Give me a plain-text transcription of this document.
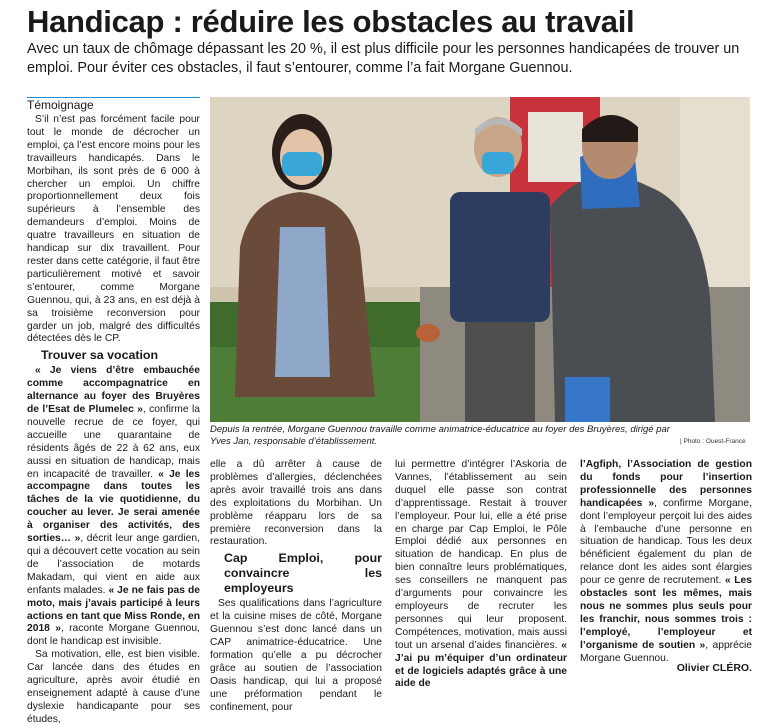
Handicap : réduire les obstacles au travail
Avec un taux de chômage dépassant les 20 %, il est plus difficile pour les personnes handicapées de trouver un emploi. Pour éviter ces obstacles, il faut s’entourer, comme l’a fait Morgane Guennou.
Témoignage

S’il n’est pas forcément facile pour tout le monde de décrocher un emploi, ça l’est encore moins pour les travailleurs handicapés. Dans le Morbihan, ils sont près de 6 000 à chercher un emploi. Un chiffre proportionnellement deux fois supérieurs à l’ensemble des demandeurs d’emploi. Moins de quatre travailleurs en situation de handicap sur dix travaillent. Pour rester dans cette catégorie, il faut être particulièrement motivé et savoir s’entourer, comme Morgane Guennou, qui, à 23 ans, en est déjà à sa troisième reconversion pour garder un job, malgré des difficultés détectées dès le CP.

Trouver sa vocation

« Je viens d’être embauchée comme accompagnatrice en alternance au foyer des Bruyères de l’Esat de Plumelec », confirme la nouvelle recrue de ce foyer, qui accueille une quarantaine de résidents âgés de 22 à 62 ans, eux aussi en situation de handicap, mais en incapacité de travailler. « Je les accompagne dans toutes les tâches de la vie quotidienne, du coucher au lever. Je serai amenée à organiser des activités, des sorties… », décrit leur ange gardien, qui a découvert cette vocation au sein de l’association de motards Makadam, qui vient en aide aux enfants malades. « Je ne fais pas de moto, mais j’avais participé à leurs actions en tant que Miss Ronde, en 2018 », raconte Morgane Guennou, dont le handicap est invisible.

Sa motivation, elle, est bien visible. Car lancée dans des études en agriculture, après avoir étudié en enseignement adapté à cause d’une dyslexie handicapante pour ses études,

Depuis la rentrée, Morgane Guennou travaille comme animatrice-éducatrice au foyer des Bruyères, dirigé par Yves Jan, responsable d’établissement.	| Photo : Ouest-France

elle a dû arrêter à cause de problèmes d’allergies, déclenchées après avoir travaillé trois ans dans des exploitations du Morbihan. Un problème réapparu lors de sa première reconversion dans la restauration.

Cap Emploi, pour convaincre les employeurs

Ses qualifications dans l’agriculture et la cuisine mises de côté, Morgane Guennou s’est donc lancé dans un CAP animatrice-éducatrice. Une formation qu’elle a pu décrocher grâce au soutien de l’association Oasis handicap, qui lui a proposé une préformation pendant le confinement, pour

lui permettre d’intégrer l’Askoria de Vannes, l’établissement au sein duquel elle passe son contrat d’apprentissage. Restait à trouver l’employeur. Pour lui, elle a été prise en charge par Cap Emploi, le Pôle Emploi dédié aux personnes en situation de handicap. En plus de bien connaître leurs problématiques, ses conseillers ne manquent pas d’arguments pour convaincre les employeurs de recruter les personnes qui leur proposent. Compétences, motivation, mais aussi tout un arsenal d’aides financières. « J’ai pu m’équiper d’un ordinateur et de logiciels adaptés grâce à une aide de

l’Agfiph, l’Association de gestion du fonds pour l’insertion professionnelle des personnes handicapées », confirme Morgane, dont l’employeur perçoit lui des aides à l’embauche d’une personne en situation de handicap. Tous les deux bénéficient également du plan de relance dont les aides sont élargies pour ce genre de recrutement. « Les obstacles sont les mêmes, mais nous ne sommes plus seuls pour les franchir, nous sommes trois : l’employé, l’employeur et l’organisme de soutien », apprécie Morgane Guennou.

Olivier CLÉRO.
